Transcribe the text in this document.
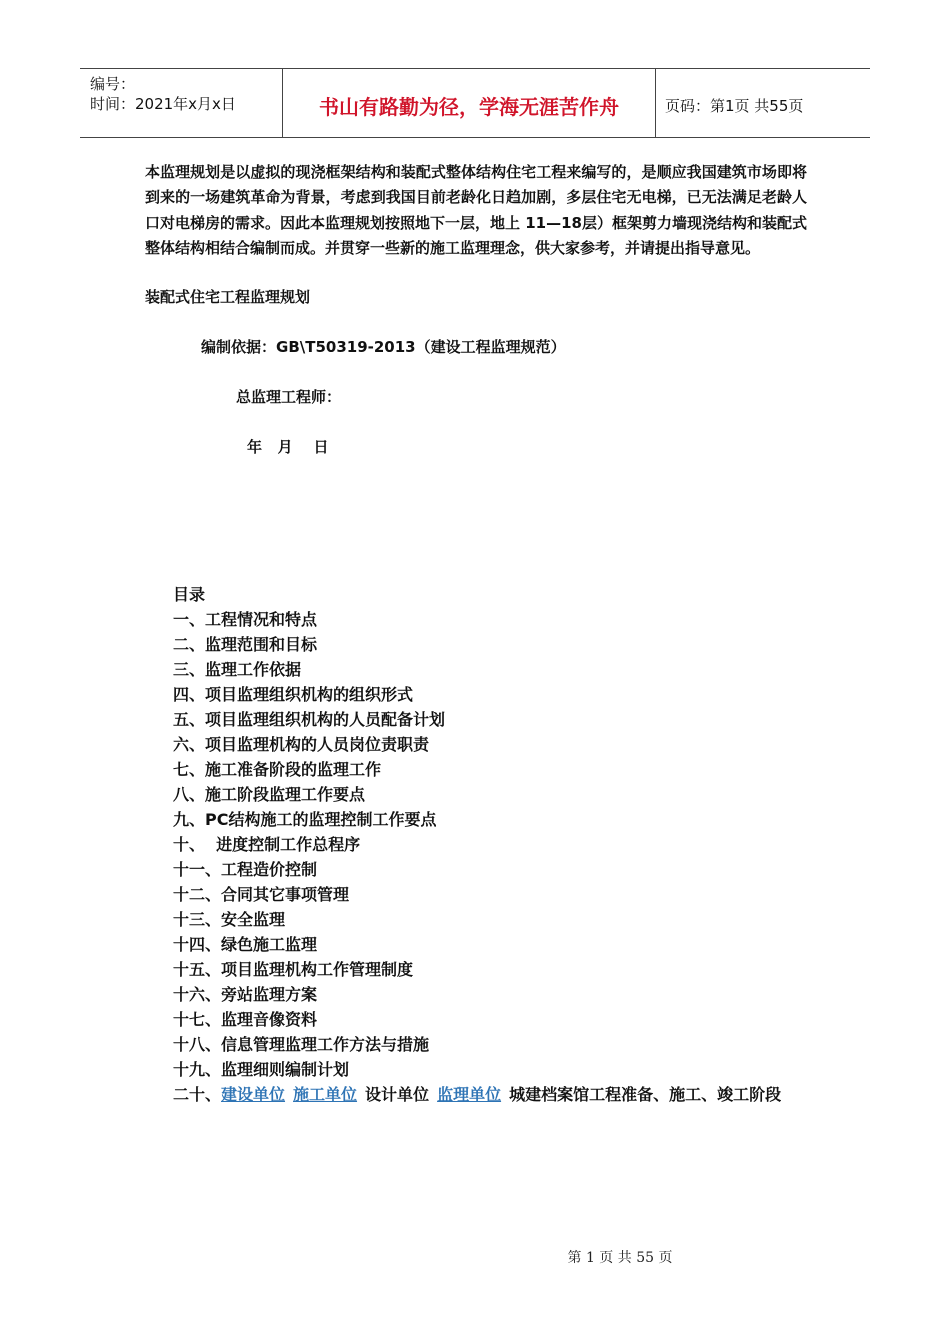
编号：
时间：2021年x月x日	书山有路勤为径，学海无涯苦作舟	页码：第1页 共55页
本监理规划是以虚拟的现浇框架结构和装配式整体结构住宅工程来编写的，是顺应我国建筑市场即将到来的一场建筑革命为背景，考虑到我国目前老龄化日趋加剧，多层住宅无电梯，已无法满足老龄人口对电梯房的需求。因此本监理规划按照地下一层，地上 11—18层）框架剪力墙现浇结构和装配式整体结构相结合编制而成。并贯穿一些新的施工监理理念，供大家参考，并请提出指导意见。
装配式住宅工程监理规划
编制依据：GB\T50319-2013（建设工程监理规范）
总监理工程师：
年   月    日
目录
一、工程情况和特点
二、监理范围和目标
三、监理工作依据
四、项目监理组织机构的组织形式
五、项目监理组织机构的人员配备计划
六、项目监理机构的人员岗位责职责
七、施工准备阶段的监理工作
八、施工阶段监理工作要点
九、PC结构施工的监理控制工作要点
十、  进度控制工作总程序
十一、工程造价控制
十二、合同其它事项管理
十三、安全监理
十四、绿色施工监理
十五、项目监理机构工作管理制度
十六、旁站监理方案
十七、监理音像资料
十八、信息管理监理工作方法与措施
十九、监理细则编制计划
二十、建设单位 施工单位 设计单位 监理单位 城建档案馆工程准备、施工、竣工阶段
第 1 页 共 55 页
